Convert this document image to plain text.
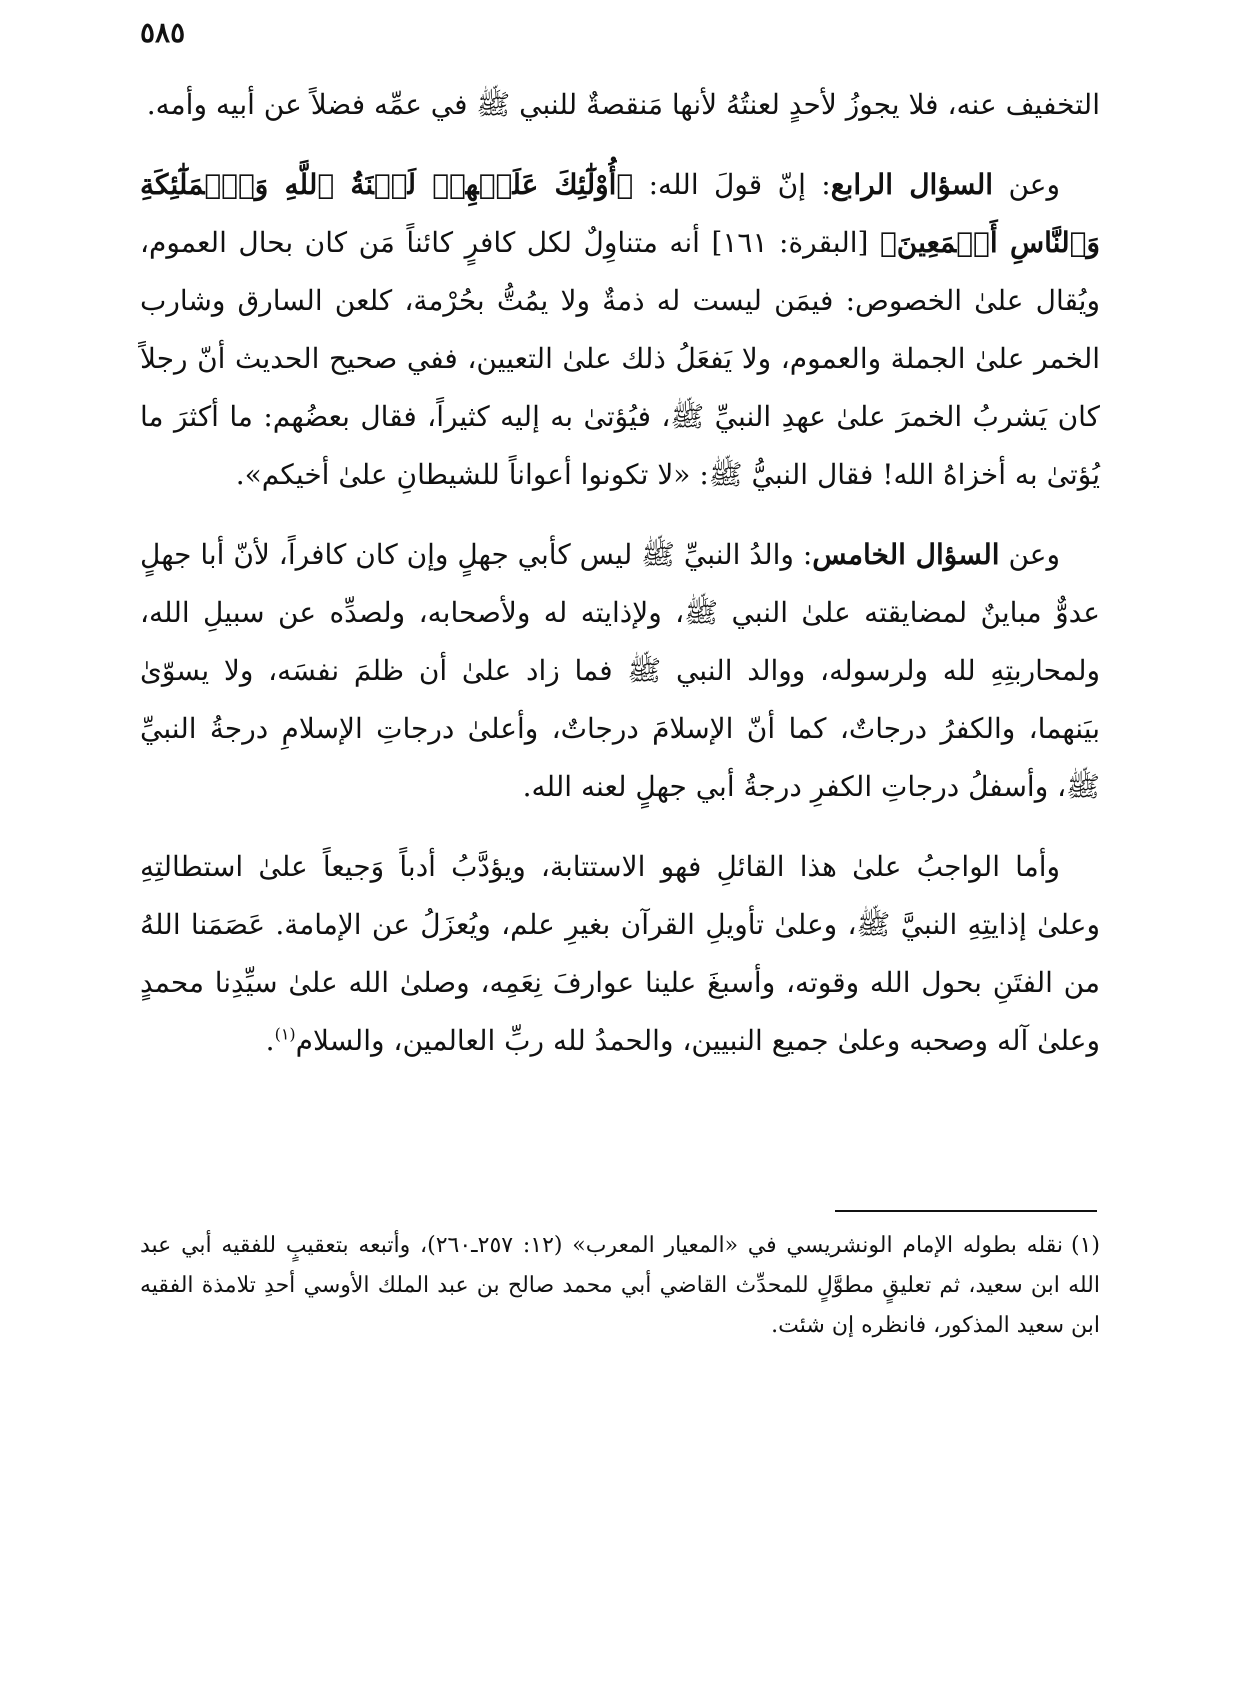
٥٨٥

التخفيف عنه، فلا يجوزُ لأحدٍ لعنتُهُ لأنها مَنقصةٌ للنبي ﷺ في عمِّه فضلاً عن أبيه وأمه.

وعن السؤال الرابع: إنّ قولَ الله: ﴿أُوْلَٰٓئِكَ عَلَيۡهِمۡ لَعۡنَةُ ٱللَّهِ وَٱلۡمَلَٰٓئِكَةِ وَٱلنَّاسِ أَجۡمَعِينَ﴾ [البقرة: ١٦١] أنه متناوِلٌ لكل كافرٍ كائناً مَن كان بحال العموم، ويُقال علىٰ الخصوص: فيمَن ليست له ذمةٌ ولا يمُتُّ بحُرْمة، كلعن السارق وشارب الخمر علىٰ الجملة والعموم، ولا يَفعَلُ ذلك علىٰ التعيين، ففي صحيح الحديث أنّ رجلاً كان يَشربُ الخمرَ علىٰ عهدِ النبيِّ ﷺ، فيُؤتىٰ به إليه كثيراً، فقال بعضُهم: ما أكثرَ ما يُؤتىٰ به أخزاهُ الله! فقال النبيُّ ﷺ: «لا تكونوا أعواناً للشيطانِ علىٰ أخيكم».

وعن السؤال الخامس: والدُ النبيِّ ﷺ ليس كأبي جهلٍ وإن كان كافراً، لأنّ أبا جهلٍ عدوٌّ مباينٌ لمضايقته علىٰ النبي ﷺ، ولإذايته له ولأصحابه، ولصدِّه عن سبيلِ الله، ولمحاربتِهِ لله ولرسوله، ووالد النبي ﷺ فما زاد علىٰ أن ظلمَ نفسَه، ولا يسوّىٰ بيَنهما، والكفرُ درجاتٌ، كما أنّ الإسلامَ درجاتٌ، وأعلىٰ درجاتِ الإسلامِ درجةُ النبيِّ ﷺ، وأسفلُ درجاتِ الكفرِ درجةُ أبي جهلٍ لعنه الله.

وأما الواجبُ علىٰ هذا القائلِ فهو الاستتابة، ويؤدَّبُ أدباً وَجيعاً علىٰ استطالتِهِ وعلىٰ إذايتِهِ النبيَّ ﷺ، وعلىٰ تأويلِ القرآن بغيرِ علم، ويُعزَلُ عن الإمامة. عَصَمَنا اللهُ من الفتَنِ بحول الله وقوته، وأسبغَ علينا عوارفَ نِعَمِه، وصلىٰ الله علىٰ سيِّدِنا محمدٍ وعلىٰ آله وصحبه وعلىٰ جميع النبيين، والحمدُ لله ربِّ العالمين، والسلام$^{(١)}$.

(١)نقله بطوله الإمام الونشريسي في «المعيار المعرب» (١٢: ٢٥٧ـ٢٦٠)، وأتبعه بتعقيبٍ للفقيه أبي عبد الله ابن سعيد، ثم تعليقٍ مطوَّلٍ للمحدِّث القاضي أبي محمد صالح بن عبد الملك الأوسي أحدِ تلامذة الفقيه ابن سعيد المذكور، فانظره إن شئت.
